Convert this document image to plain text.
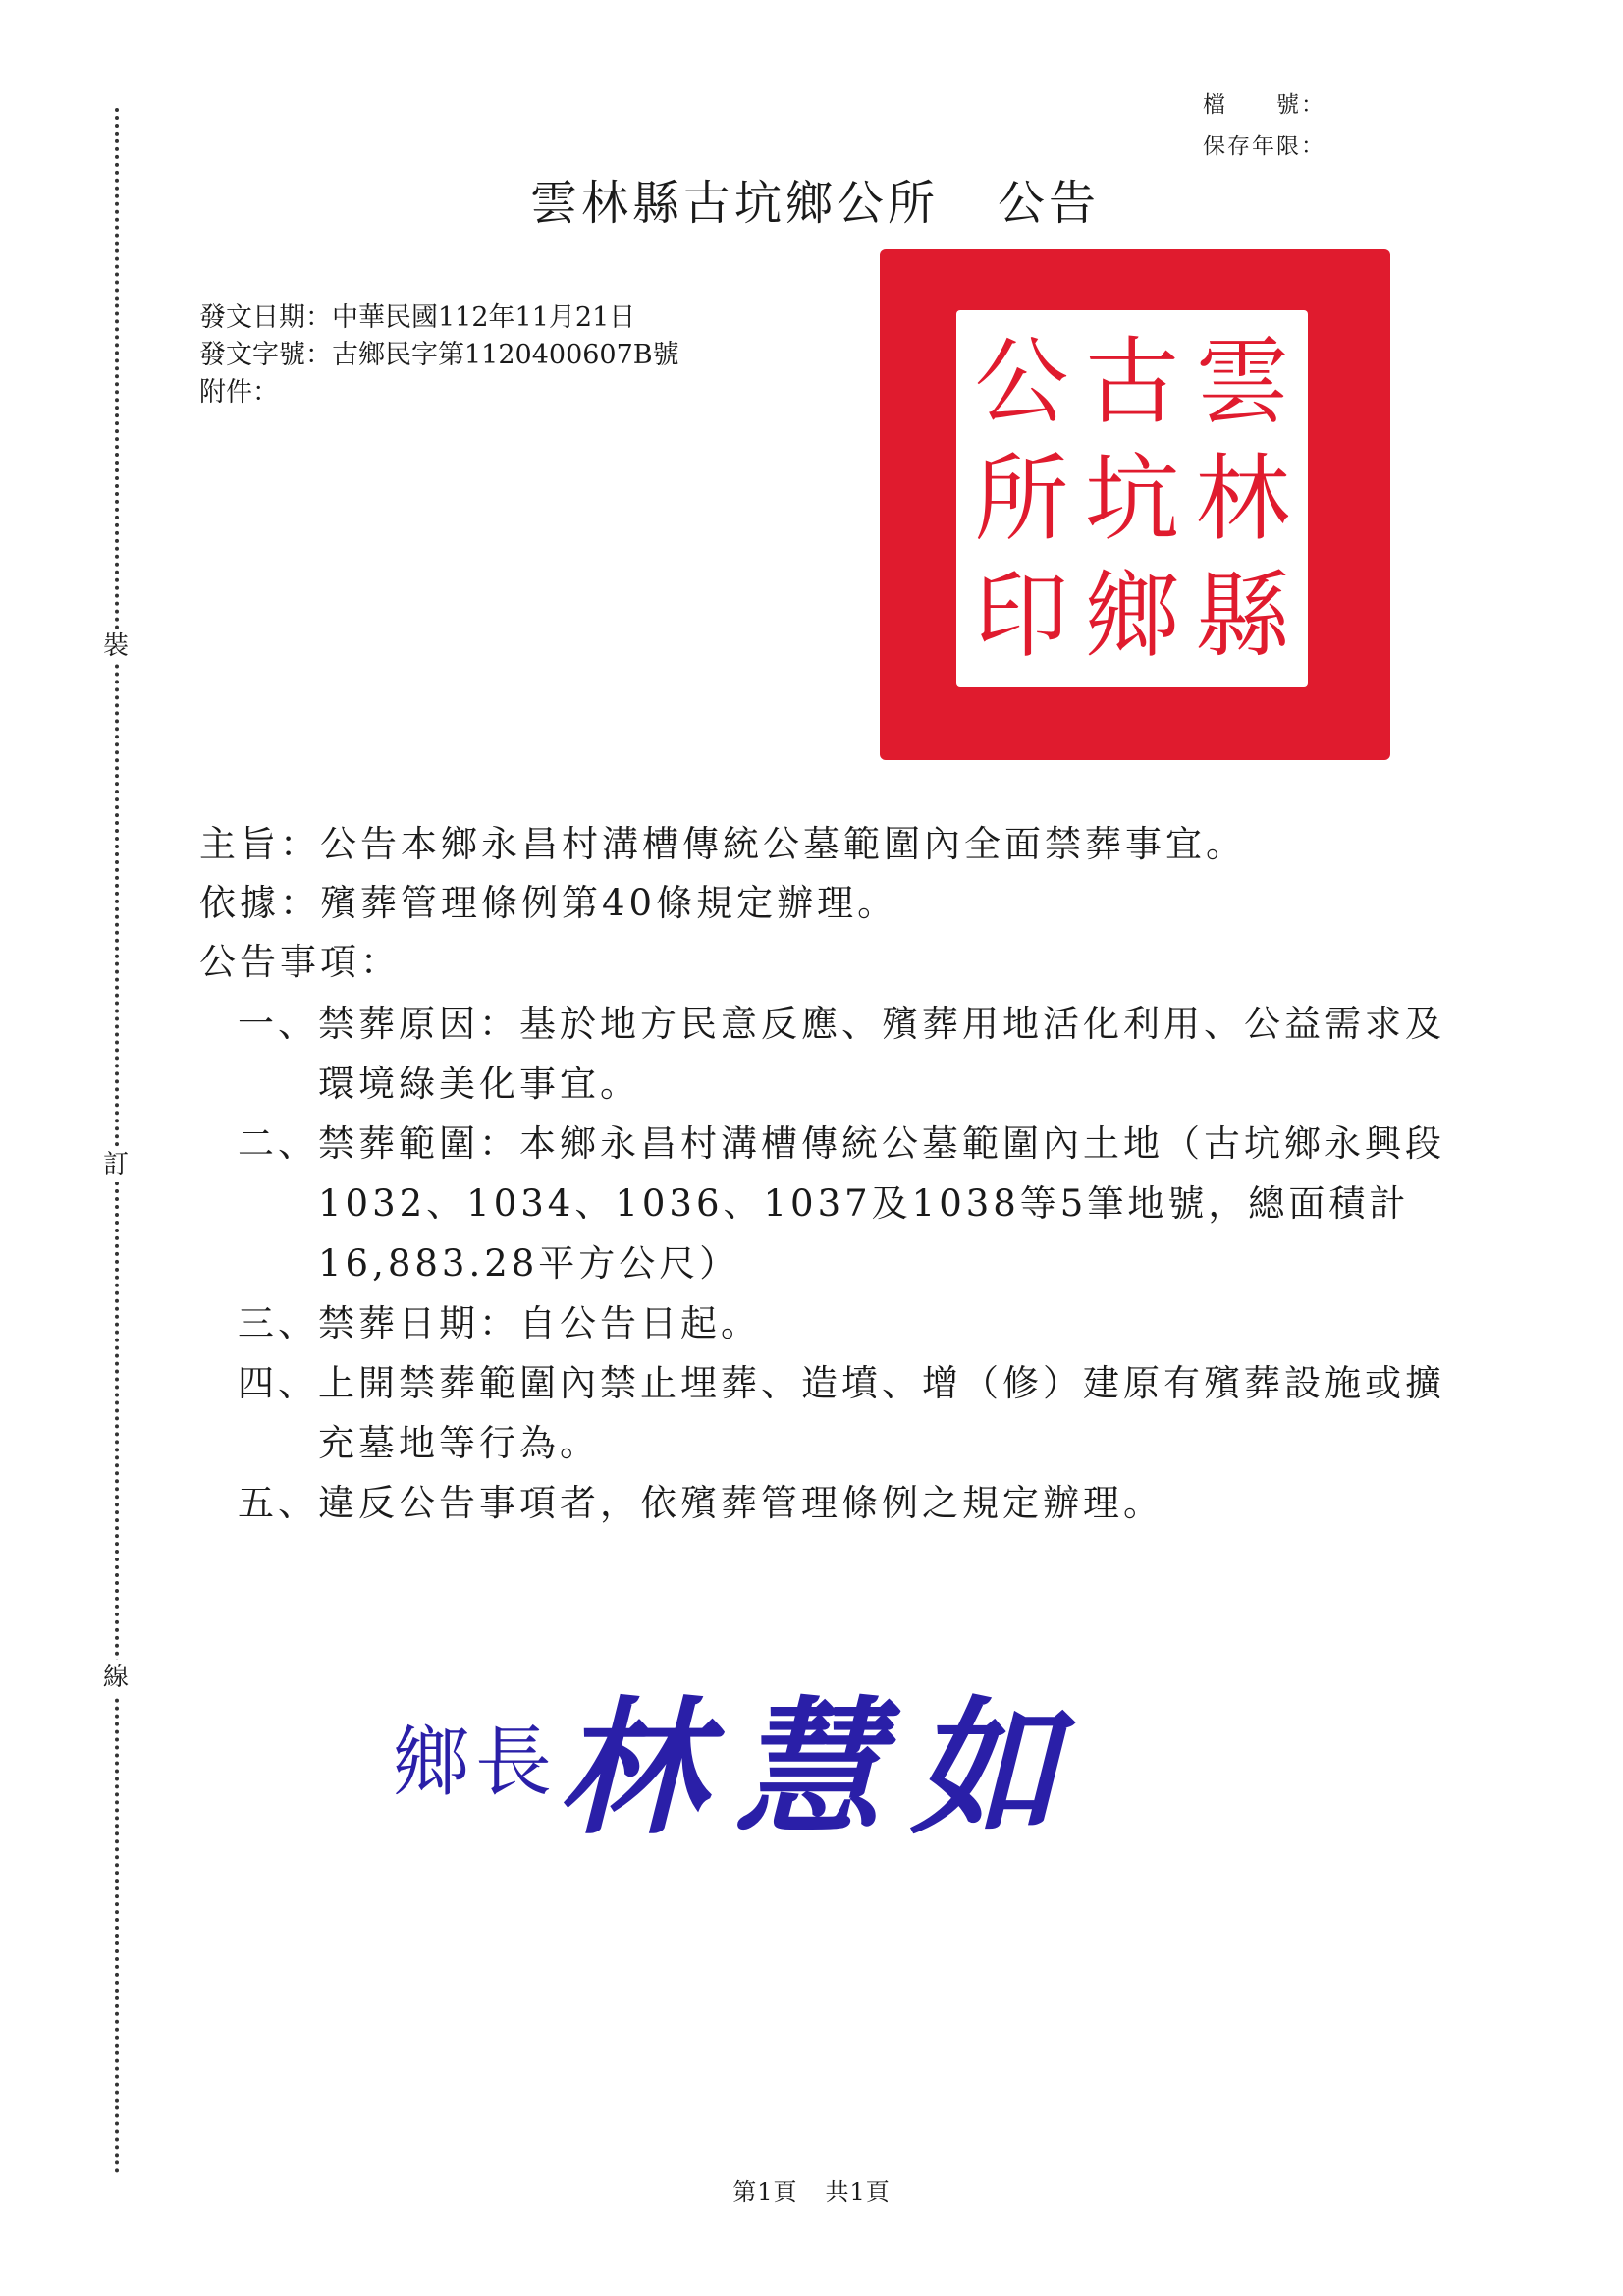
裝
訂
線
檔　　號：
保存年限：
雲林縣古坑鄉公所 公告
發文日期： 中華民國112年11月21日
發文字號： 古鄉民字第1120400607B號
附件：	雲
古
公
林
坑
所
縣
鄉
印
主旨：公告本鄉永昌村溝槽傳統公墓範圍內全面禁葬事宜。
依據：殯葬管理條例第40條規定辦理。
公告事項：
一、 禁葬原因：基於地方民意反應、殯葬用地活化利用、公益需求及環境綠美化事宜。
二、 禁葬範圍：本鄉永昌村溝槽傳統公墓範圍內土地（古坑鄉永興段1032、1034、1036、1037及1038等5筆地號，總面積計16,883.28平方公尺）
三、 禁葬日期：自公告日起。
四、 上開禁葬範圍內禁止埋葬、造墳、增（修）建原有殯葬設施或擴充墓地等行為。
五、 違反公告事項者，依殯葬管理條例之規定辦理。
鄉長林慧如
第1頁 共1頁
